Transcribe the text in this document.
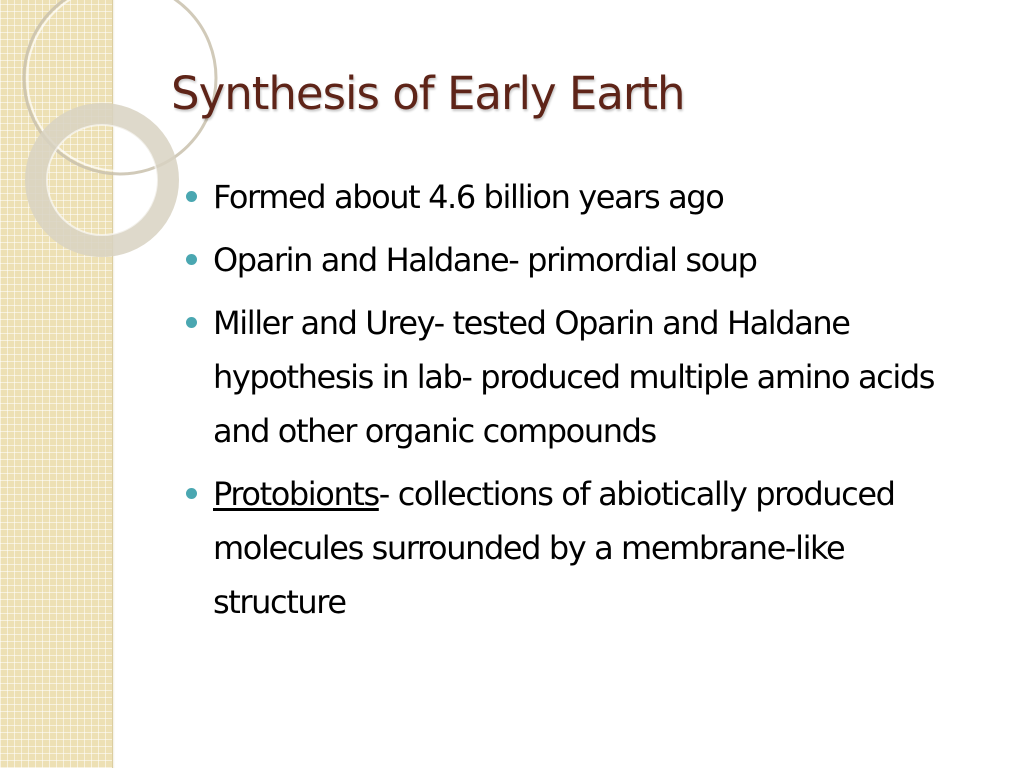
Synthesis of Early Earth
Formed about 4.6 billion years ago
Oparin and Haldane- primordial soup
Miller and Urey- tested Oparin and Haldane hypothesis in lab- produced multiple amino acids and other organic compounds
Protobionts- collections of abiotically produced molecules surrounded by a membrane-like structure
